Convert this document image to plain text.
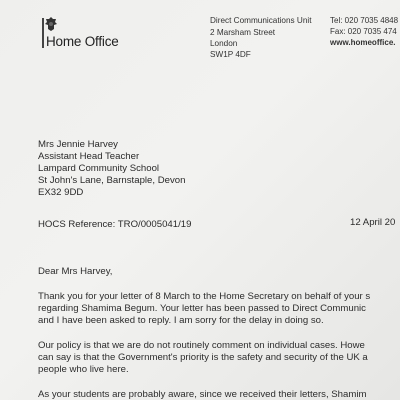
Home Office
Direct Communications Unit
2 Marsham Street
London
SW1P 4DF
Tel: 020 7035 4848
Fax: 020 7035 474
www.homeoffice.
Mrs Jennie Harvey
Assistant Head Teacher
Lampard Community School
St John's Lane, Barnstaple, Devon
EX32 9DD
HOCS Reference: TRO/0005041/19	12 April 20
Dear Mrs Harvey,
Thank you for your letter of 8 March to the Home Secretary on behalf of your s
regarding Shamima Begum. Your letter has been passed to Direct Communic
and I have been asked to reply. I am sorry for the delay in doing so.
Our policy is that we are do not routinely comment on individual cases. Howe
can say is that the Government's priority is the safety and security of the UK a
people who live here.
As your students are probably aware, since we received their letters, Shamim
